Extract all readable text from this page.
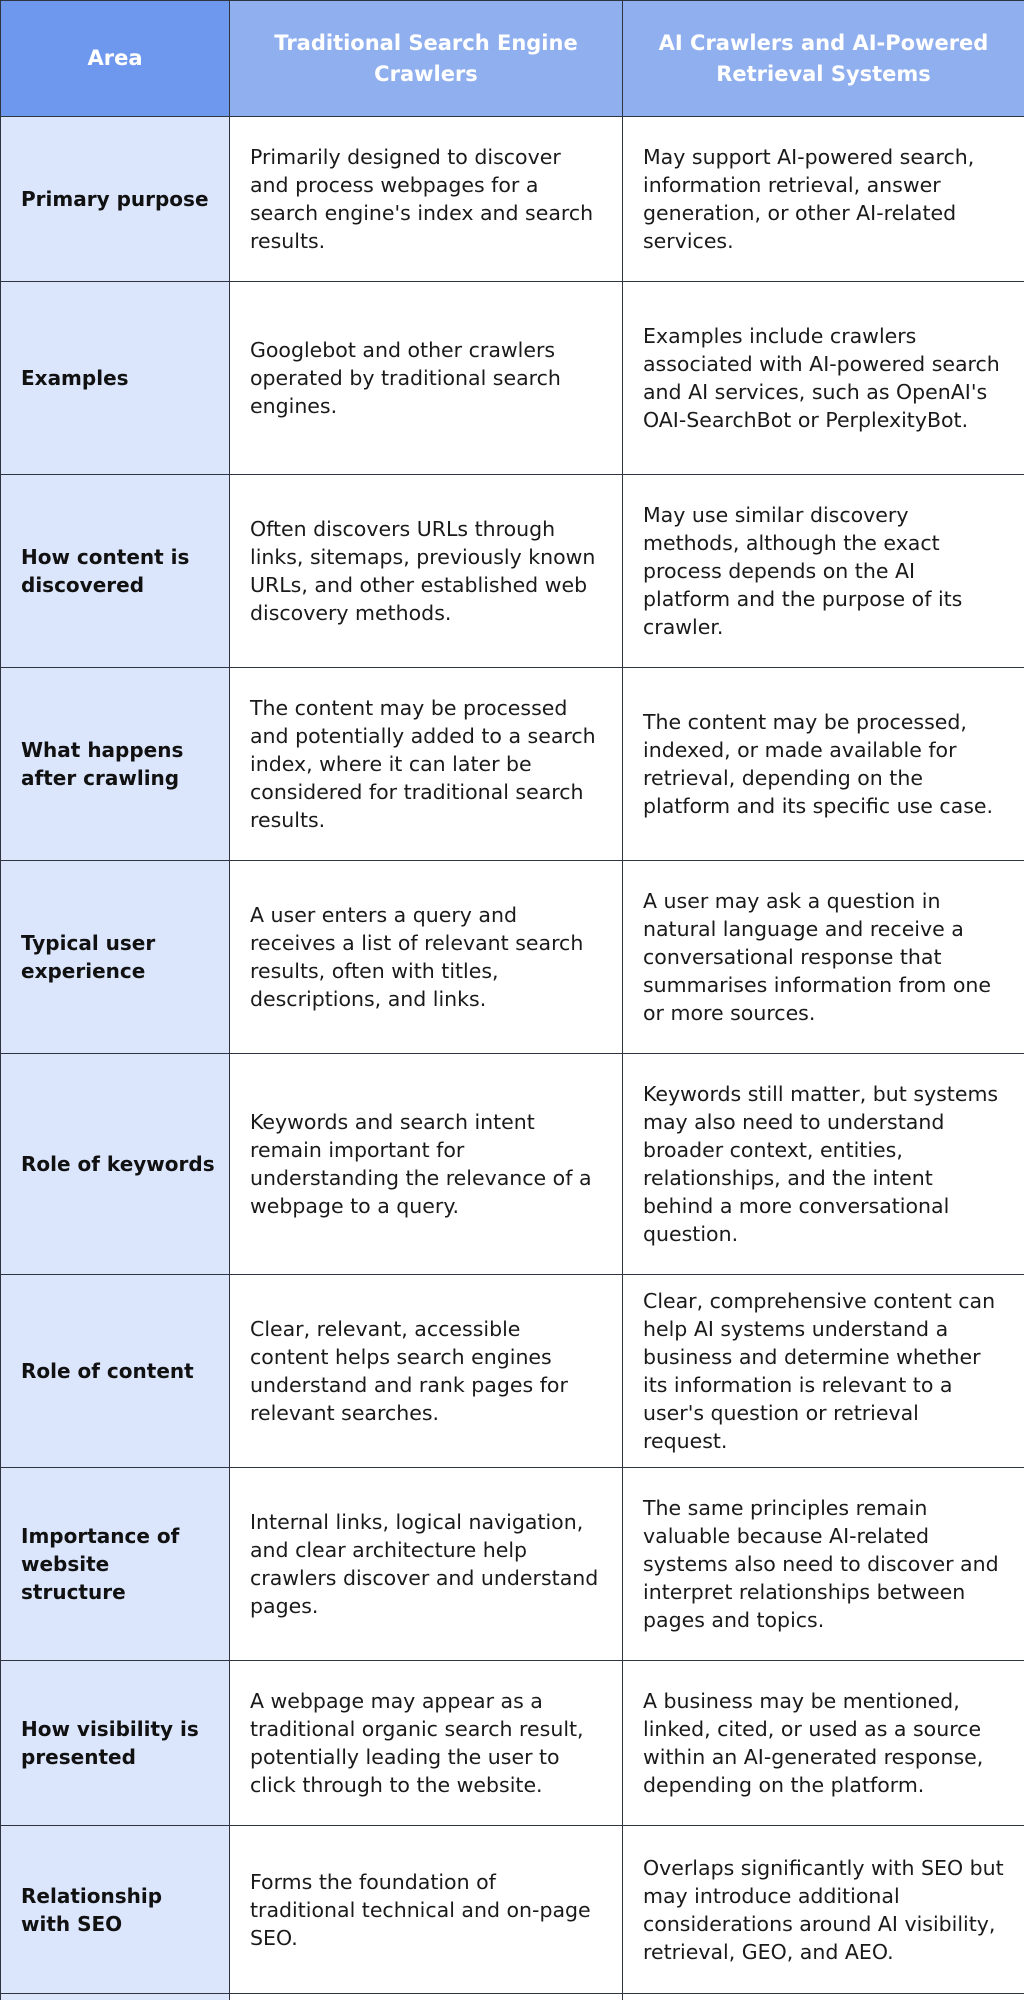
Area	Traditional Search Engine Crawlers	AI Crawlers and AI-Powered Retrieval Systems
Primary purpose	Primarily designed to discover and process webpages for a search engine's index and search results.	May support AI-powered search, information retrieval, answer generation, or other AI-related services.
Examples	Googlebot and other crawlers operated by traditional search engines.	Examples include crawlers associated with AI-powered search and AI services, such as OpenAI's OAI-SearchBot or PerplexityBot.
How content is discovered	Often discovers URLs through links, sitemaps, previously known URLs, and other established web discovery methods.	May use similar discovery methods, although the exact process depends on the AI platform and the purpose of its crawler.
What happens after crawling	The content may be processed and potentially added to a search index, where it can later be considered for traditional search results.	The content may be processed, indexed, or made available for retrieval, depending on the platform and its specific use case.
Typical user experience	A user enters a query and receives a list of relevant search results, often with titles, descriptions, and links.	A user may ask a question in natural language and receive a conversational response that summarises information from one or more sources.
Role of keywords	Keywords and search intent remain important for understanding the relevance of a webpage to a query.	Keywords still matter, but systems may also need to understand broader context, entities, relationships, and the intent behind a more conversational question.
Role of content	Clear, relevant, accessible content helps search engines understand and rank pages for relevant searches.	Clear, comprehensive content can help AI systems understand a business and determine whether its information is relevant to a user's question or retrieval request.
Importance of website structure	Internal links, logical navigation, and clear architecture help crawlers discover and understand pages.	The same principles remain valuable because AI-related systems also need to discover and interpret relationships between pages and topics.
How visibility is presented	A webpage may appear as a traditional organic search result, potentially leading the user to click through to the website.	A business may be mentioned, linked, cited, or used as a source within an AI-generated response, depending on the platform.
Relationship with SEO	Forms the foundation of traditional technical and on-page SEO.	Overlaps significantly with SEO but may introduce additional considerations around AI visibility, retrieval, GEO, and AEO.
